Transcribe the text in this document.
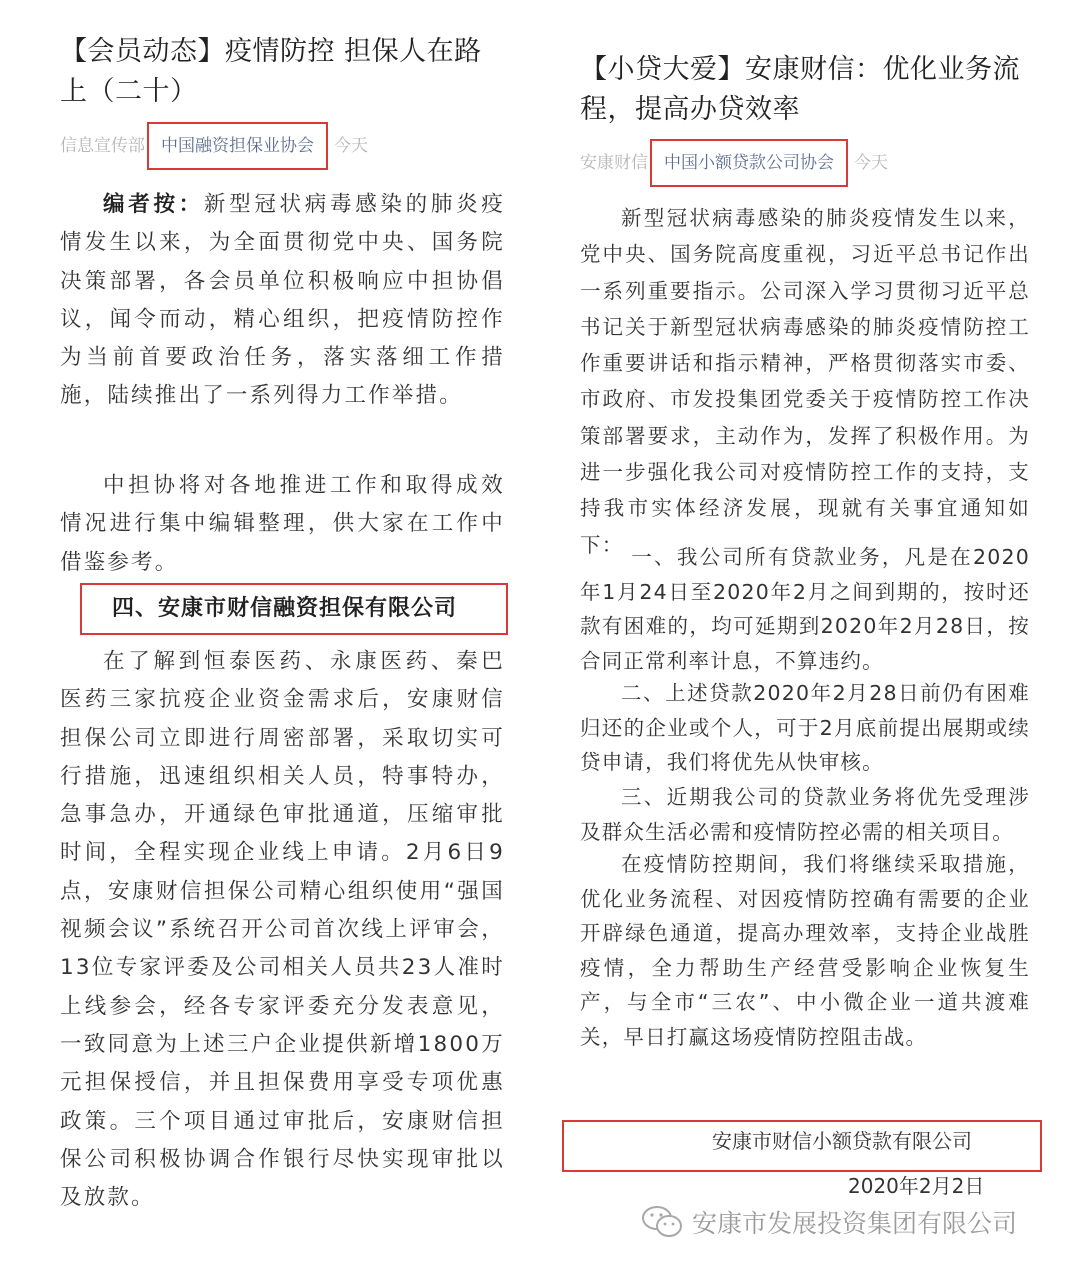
【会员动态】疫情防控 担保人在路上（二十）
信息宣传部 中国融资担保业协会	今天

编者按：新型冠状病毒感染的肺炎疫情发生以来，为全面贯彻党中央、国务院决策部署，各会员单位积极响应中担协倡议，闻令而动，精心组织，把疫情防控作为当前首要政治任务，落实落细工作措施，陆续推出了一系列得力工作举措。

中担协将对各地推进工作和取得成效情况进行集中编辑整理，供大家在工作中借鉴参考。

四、安康市财信融资担保有限公司

在了解到恒泰医药、永康医药、秦巴医药三家抗疫企业资金需求后，安康财信担保公司立即进行周密部署，采取切实可行措施，迅速组织相关人员，特事特办，急事急办，开通绿色审批通道，压缩审批时间，全程实现企业线上申请。2月6日9点，安康财信担保公司精心组织使用“强国视频会议”系统召开公司首次线上评审会，13位专家评委及公司相关人员共23人准时上线参会，经各专家评委充分发表意见，一致同意为上述三户企业提供新增1800万元担保授信，并且担保费用享受专项优惠政策。三个项目通过审批后，安康财信担保公司积极协调合作银行尽快实现审批以及放款。

【小贷大爱】安康财信：优化业务流程，提高办贷效率
安康财信 中国小额贷款公司协会	今天

新型冠状病毒感染的肺炎疫情发生以来，党中央、国务院高度重视，习近平总书记作出一系列重要指示。公司深入学习贯彻习近平总书记关于新型冠状病毒感染的肺炎疫情防控工作重要讲话和指示精神，严格贯彻落实市委、市政府、市发投集团党委关于疫情防控工作决策部署要求，主动作为，发挥了积极作用。为进一步强化我公司对疫情防控工作的支持，支持我市实体经济发展，现就有关事宜通知如下：

一、我公司所有贷款业务，凡是在2020年1月24日至2020年2月之间到期的，按时还款有困难的，均可延期到2020年2月28日，按合同正常利率计息，不算违约。

二、上述贷款2020年2月28日前仍有困难归还的企业或个人，可于2月底前提出展期或续贷申请，我们将优先从快审核。

三、近期我公司的贷款业务将优先受理涉及群众生活必需和疫情防控必需的相关项目。

在疫情防控期间，我们将继续采取措施，优化业务流程、对因疫情防控确有需要的企业开辟绿色通道，提高办理效率，支持企业战胜疫情，全力帮助生产经营受影响企业恢复生产，与全市“三农”、中小微企业一道共渡难关，早日打赢这场疫情防控阻击战。

安康市财信小额贷款有限公司
2020年2月2日
安康市发展投资集团有限公司
